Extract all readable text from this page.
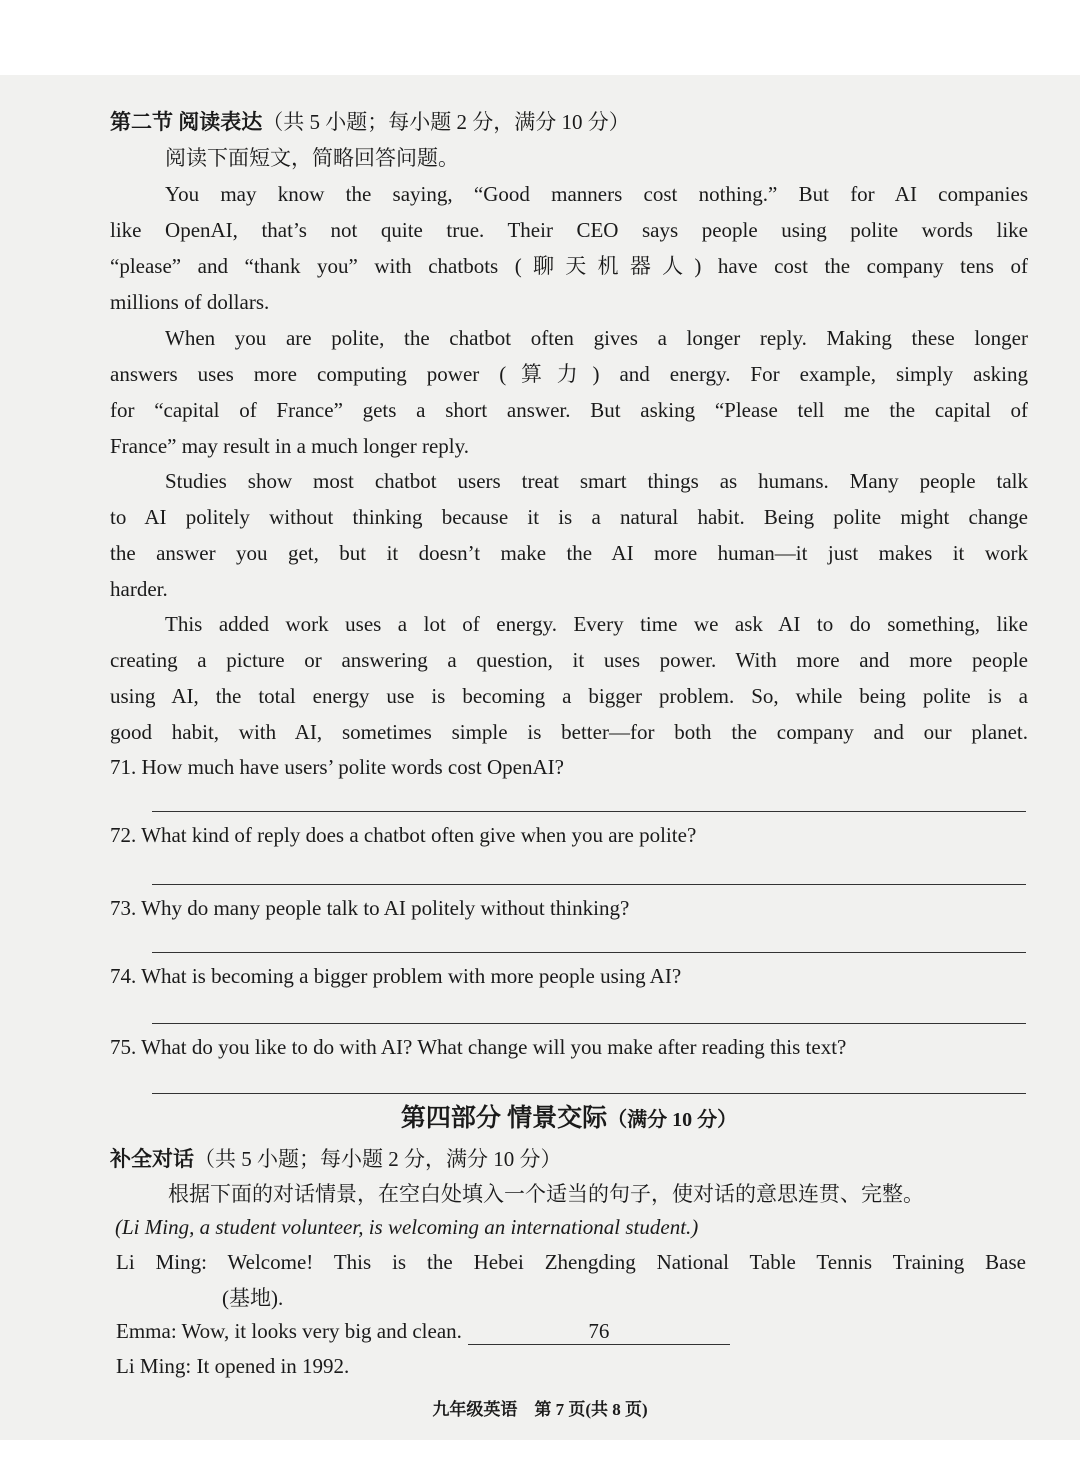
第二节 阅读表达（共 5 小题；每小题 2 分，满分 10 分）
阅读下面短文，简略回答问题。
You may know the saying, “Good manners cost nothing.” But for AI companies
like OpenAI, that’s not quite true. Their CEO says people using polite words like
“please” and “thank you” with chatbots (聊天机器人) have cost the company tens of
millions of dollars.
When you are polite, the chatbot often gives a longer reply. Making these longer
answers uses more computing power (算力) and energy. For example, simply asking
for “capital of France” gets a short answer. But asking “Please tell me the capital of
France” may result in a much longer reply.
Studies show most chatbot users treat smart things as humans. Many people talk
to AI politely without thinking because it is a natural habit. Being polite might change
the answer you get, but it doesn’t make the AI more human—it just makes it work
harder.
This added work uses a lot of energy. Every time we ask AI to do something, like
creating a picture or answering a question, it uses power. With more and more people
using AI, the total energy use is becoming a bigger problem. So, while being polite is a
good habit, with AI, sometimes simple is better—for both the company and our planet.
71. How much have users’ polite words cost OpenAI?
72. What kind of reply does a chatbot often give when you are polite?
73. Why do many people talk to AI politely without thinking?
74. What is becoming a bigger problem with more people using AI?
75. What do you like to do with AI? What change will you make after reading this text?
第四部分 情景交际（满分 10 分）
补全对话（共 5 小题；每小题 2 分，满分 10 分）
根据下面的对话情景，在空白处填入一个适当的句子，使对话的意思连贯、完整。
(Li Ming, a student volunteer, is welcoming an international student.)
Li Ming: Welcome! This is the Hebei Zhengding National Table Tennis Training Base
(基地).
Emma: Wow, it looks very big and clean.	76
Li Ming: It opened in 1992.
九年级英语　第 7 页(共 8 页)
